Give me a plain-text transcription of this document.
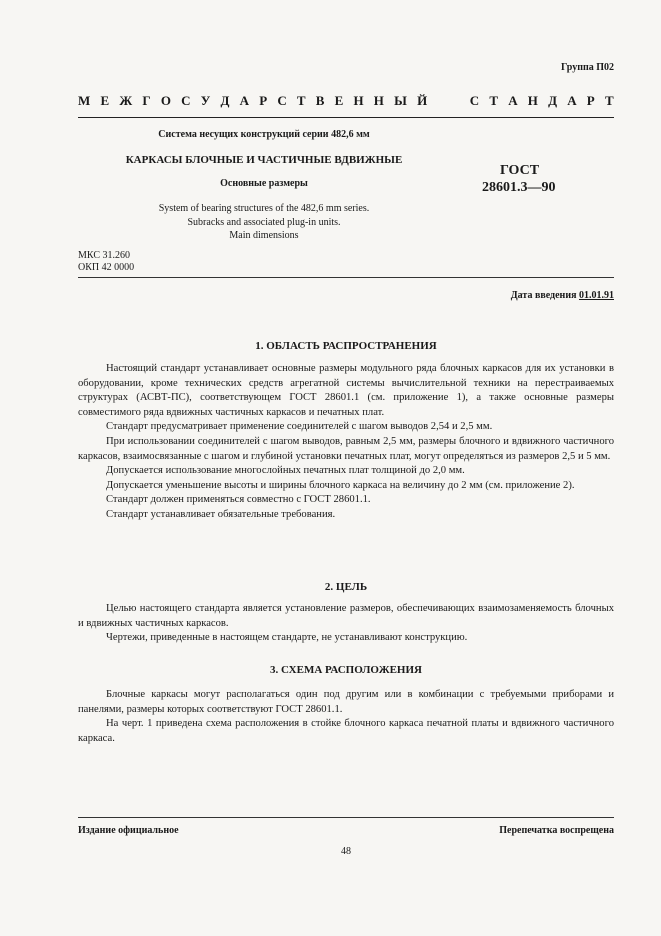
Группа П02
М Е Ж Г О С У Д А Р С Т В Е Н Н Ы Й	С Т А Н Д А Р Т
Система несущих конструкций серии 482,6 мм
КАРКАСЫ БЛОЧНЫЕ И ЧАСТИЧНЫЕ ВДВИЖНЫЕ
Основные размеры
System of bearing structures of the 482,6 mm series.
Subracks and associated plug-in units.
Main dimensions
ГОСТ
28601.3—90
МКС 31.260
ОКП 42 0000
Дата введения 01.01.91
1. ОБЛАСТЬ РАСПРОСТРАНЕНИЯ

Настоящий стандарт устанавливает основные размеры модульного ряда блочных каркасов для их установки в оборудовании, кроме технических средств агрегатной системы вычислительной техники на перестраиваемых структурах (АСВТ-ПС), соответствующем ГОСТ 28601.1 (см. приложение 1), а также основные размеры совместимого ряда вдвижных частичных каркасов и печатных плат.

Стандарт предусматривает применение соединителей с шагом выводов 2,54 и 2,5 мм.

При использовании соединителей с шагом выводов, равным 2,5 мм, размеры блочного и вдвижного частичного каркасов, взаимосвязанные с шагом и глубиной установки печатных плат, могут определяться из размеров 2,5 и 5 мм.

Допускается использование многослойных печатных плат толщиной до 2,0 мм.

Допускается уменьшение высоты и ширины блочного каркаса на величину до 2 мм (см. приложение 2).

Стандарт должен применяться совместно с ГОСТ 28601.1.

Стандарт устанавливает обязательные требования.

2. ЦЕЛЬ

Целью настоящего стандарта является установление размеров, обеспечивающих взаимозаменяемость блочных и вдвижных частичных каркасов.

Чертежи, приведенные в настоящем стандарте, не устанавливают конструкцию.

3. СХЕМА РАСПОЛОЖЕНИЯ

Блочные каркасы могут располагаться один под другим или в комбинации с требуемыми приборами и панелями, размеры которых соответствуют ГОСТ 28601.1.

На черт. 1 приведена схема расположения в стойке блочного каркаса печатной платы и вдвижного частичного каркаса.

Издание официальное	Перепечатка воспрещена
48
